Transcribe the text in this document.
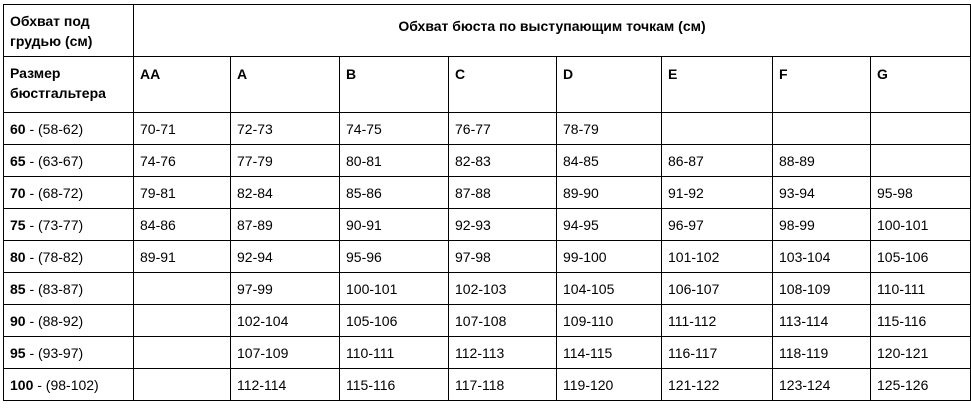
Обхват под грудью (см)	Обхват бюста по выступающим точкам (см)							
Размер бюстгальтера	AA	A	B	C	D	E	F	G
60 - (58-62)	70-71	72-73	74-75	76-77	78-79			
65 - (63-67)	74-76	77-79	80-81	82-83	84-85	86-87	88-89	
70 - (68-72)	79-81	82-84	85-86	87-88	89-90	91-92	93-94	95-98
75 - (73-77)	84-86	87-89	90-91	92-93	94-95	96-97	98-99	100-101
80 - (78-82)	89-91	92-94	95-96	97-98	99-100	101-102	103-104	105-106
85 - (83-87)		97-99	100-101	102-103	104-105	106-107	108-109	110-111
90 - (88-92)		102-104	105-106	107-108	109-110	111-112	113-114	115-116
95 - (93-97)		107-109	110-111	112-113	114-115	116-117	118-119	120-121
100 - (98-102)		112-114	115-116	117-118	119-120	121-122	123-124	125-126
